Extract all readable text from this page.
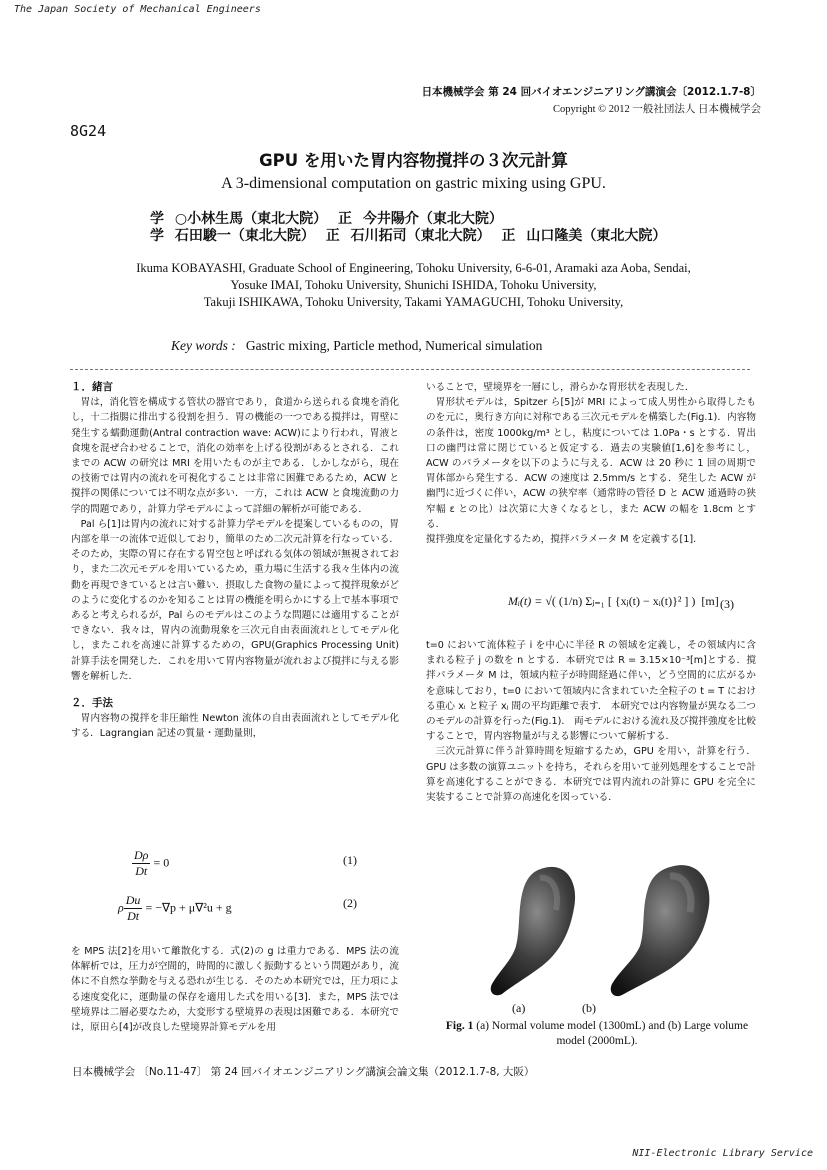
The Japan Society of Mechanical Engineers
NII-Electronic Library Service
日本機械学会 第 24 回バイオエンジニアリング講演会〔2012.1.7-8〕
Copyright © 2012 一般社団法人 日本機械学会
8G24
GPU を用いた胃内容物撹拌の３次元計算
A 3-dimensional computation on gastric mixing using GPU.
学 ○小林生馬（東北大院） 正 今井陽介（東北大院）
学 石田駿一（東北大院） 正 石川拓司（東北大院） 正 山口隆美（東北大院）
Ikuma KOBAYASHI, Graduate School of Engineering, Tohoku University, 6-6-01, Aramaki aza Aoba, Sendai,
Yosuke IMAI, Tohoku University, Shunichi ISHIDA, Tohoku University,
Takuji ISHIKAWA, Tohoku University, Takami YAMAGUCHI, Tohoku University,
Key words : Gastric mixing, Particle method, Numerical simulation
１．緒言

胃は，消化管を構成する管状の器官であり，食道から送られる食塊を消化し，十二指腸に排出する役割を担う．胃の機能の一つである撹拌は，胃壁に発生する蠕動運動(Antral contraction wave: ACW)により行われ，胃液と食塊を混ぜ合わせることで，消化の効率を上げる役割があるとされる．これまでの ACW の研究は MRI を用いたものが主である．しかしながら，現在の技術では胃内の流れを可視化することは非常に困難であるため，ACW と撹拌の関係については不明な点が多い．一方，これは ACW と食塊流動の力学的問題であり，計算力学モデルによって詳細の解析が可能である．

Pal ら[1]は胃内の流れに対する計算力学モデルを提案しているものの，胃内部を単一の流体で近似しており，簡単のため二次元計算を行なっている．そのため，実際の胃に存在する胃空包と呼ばれる気体の領域が無視されており，また二次元モデルを用いているため，重力場に生活する我々生体内の流動を再現できているとは言い難い．摂取した食物の量によって撹拌現象がどのように変化するのかを知ることは胃の機能を明らかにする上で基本事項であると考えられるが，Pal らのモデルはこのような問題には適用することができない．我々は，胃内の流動現象を三次元自由表面流れとしてモデル化し，またこれを高速に計算するための，GPU(Graphics Processing Unit)計算手法を開発した．これを用いて胃内容物量が流れおよび撹拌に与える影響を解析した．

２．手法

胃内容物の撹拌を非圧縮性 Newton 流体の自由表面流れとしてモデル化する．Lagrangian 記述の質量・運動量則，

$\frac{D\rho}{Dt} = 0$	(1)
ρ $\frac{Du}{Dt} = -\nabla p + \mu\nabla^2u + g$	(2)

を MPS 法[2]を用いて離散化する．式(2)の g は重力である．MPS 法の流体解析では，圧力が空間的，時間的に激しく振動するという問題があり，流体に不自然な挙動を与える恐れが生じる．そのため本研究では，圧力項による速度変化に，運動量の保存を適用した式を用いる[3]．また，MPS 法では壁境界は二層必要なため，大変形する壁境界の表現は困難である．本研究では，原田ら[4]が改良した壁境界計算モデルを用

いることで，壁境界を一層にし，滑らかな胃形状を表現した．

胃形状モデルは，Spitzer ら[5]が MRI によって成人男性から取得したものを元に，奥行き方向に対称である三次元モデルを構築した(Fig.1)．内容物の条件は，密度 1000kg/m³ とし，粘度については 1.0Pa・s とする．胃出口の幽門は常に閉じていると仮定する．過去の実験値[1,6]を参考にし，ACW のパラメータを以下のように与える．ACW は 20 秒に 1 回の周期で胃体部から発生する．ACW の速度は 2.5mm/s とする．発生した ACW が幽門に近づくに伴い，ACW の狭窄率（通常時の管径 D と ACW 通過時の狭窄幅 ε との比）は次第に大きくなるとし，また ACW の幅を 1.8cm とする．

撹拌強度を定量化するため，撹拌パラメータ M を定義する[1].

Mᵢ(t) = √( (1/n) Σⱼ₌₁ [ {xⱼ(t) − xᵢ(t)}² ] ) [m] (3)

t=0 において流体粒子 i を中心に半径 R の領域を定義し，その領域内に含まれる粒子 j の数を n とする．本研究では R = 3.15×10⁻³[m]とする．撹拌パラメータ M は，領域内粒子が時間経過に伴い，どう空間的に広がるかを意味しており，t=0 において領域内に含まれていた全粒子の t = T における重心 xᵢ と粒子 xⱼ 間の平均距離で表す． 本研究では内容物量が異なる二つのモデルの計算を行った(Fig.1)． 両モデルにおける流れ及び撹拌強度を比較することで，胃内容物量が与える影響について解析する．

三次元計算に伴う計算時間を短縮するため，GPU を用い，計算を行う．GPU は多数の演算ユニットを持ち，それらを用いて並列処理をすることで計算を高速化することができる．本研究では胃内流れの計算に GPU を完全に実装することで計算の高速化を図っている．

(a)	(b)
Fig. 1 (a) Normal volume model (1300mL) and (b) Large volume model (2000mL).
日本機械学会 〔No.11-47〕 第 24 回バイオエンジニアリング講演会論文集（2012.1.7-8, 大阪）
